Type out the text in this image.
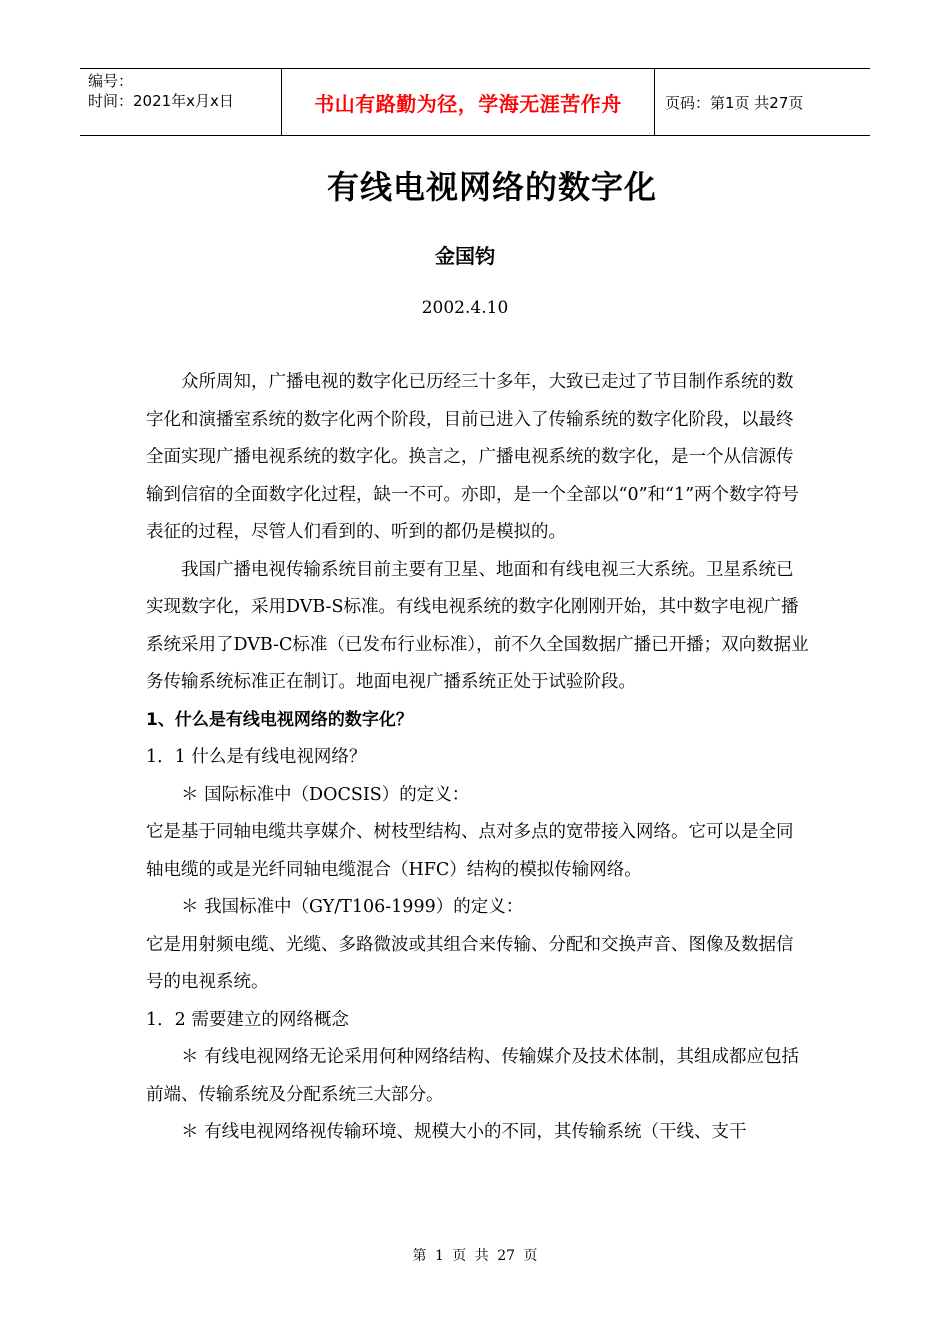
编号：
时间：2021年x月x日	书山有路勤为径，学海无涯苦作舟	页码：第1页 共27页
有线电视网络的数字化
金国钧
2002.4.10

众所周知，广播电视的数字化已历经三十多年，大致已走过了节目制作系统的数字化和演播室系统的数字化两个阶段，目前已进入了传输系统的数字化阶段，以最终全面实现广播电视系统的数字化。换言之，广播电视系统的数字化，是一个从信源传输到信宿的全面数字化过程，缺一不可。亦即，是一个全部以“0”和“1”两个数字符号表征的过程，尽管人们看到的、听到的都仍是模拟的。

我国广播电视传输系统目前主要有卫星、地面和有线电视三大系统。卫星系统已实现数字化，采用DVB-S标准。有线电视系统的数字化刚刚开始，其中数字电视广播系统采用了DVB-C标准（已发布行业标准），前不久全国数据广播已开播；双向数据业务传输系统标准正在制订。地面电视广播系统正处于试验阶段。

1、什么是有线电视网络的数字化？

1．1 什么是有线电视网络？

＊ 国际标准中（DOCSIS）的定义：

它是基于同轴电缆共享媒介、树枝型结构、点对多点的宽带接入网络。它可以是全同轴电缆的或是光纤同轴电缆混合（HFC）结构的模拟传输网络。

＊ 我国标准中（GY/T106-1999）的定义：

它是用射频电缆、光缆、多路微波或其组合来传输、分配和交换声音、图像及数据信号的电视系统。

1．2 需要建立的网络概念

＊ 有线电视网络无论采用何种网络结构、传输媒介及技术体制，其组成都应包括前端、传输系统及分配系统三大部分。

＊ 有线电视网络视传输环境、规模大小的不同，其传输系统（干线、支干

第 1 页 共 27 页
